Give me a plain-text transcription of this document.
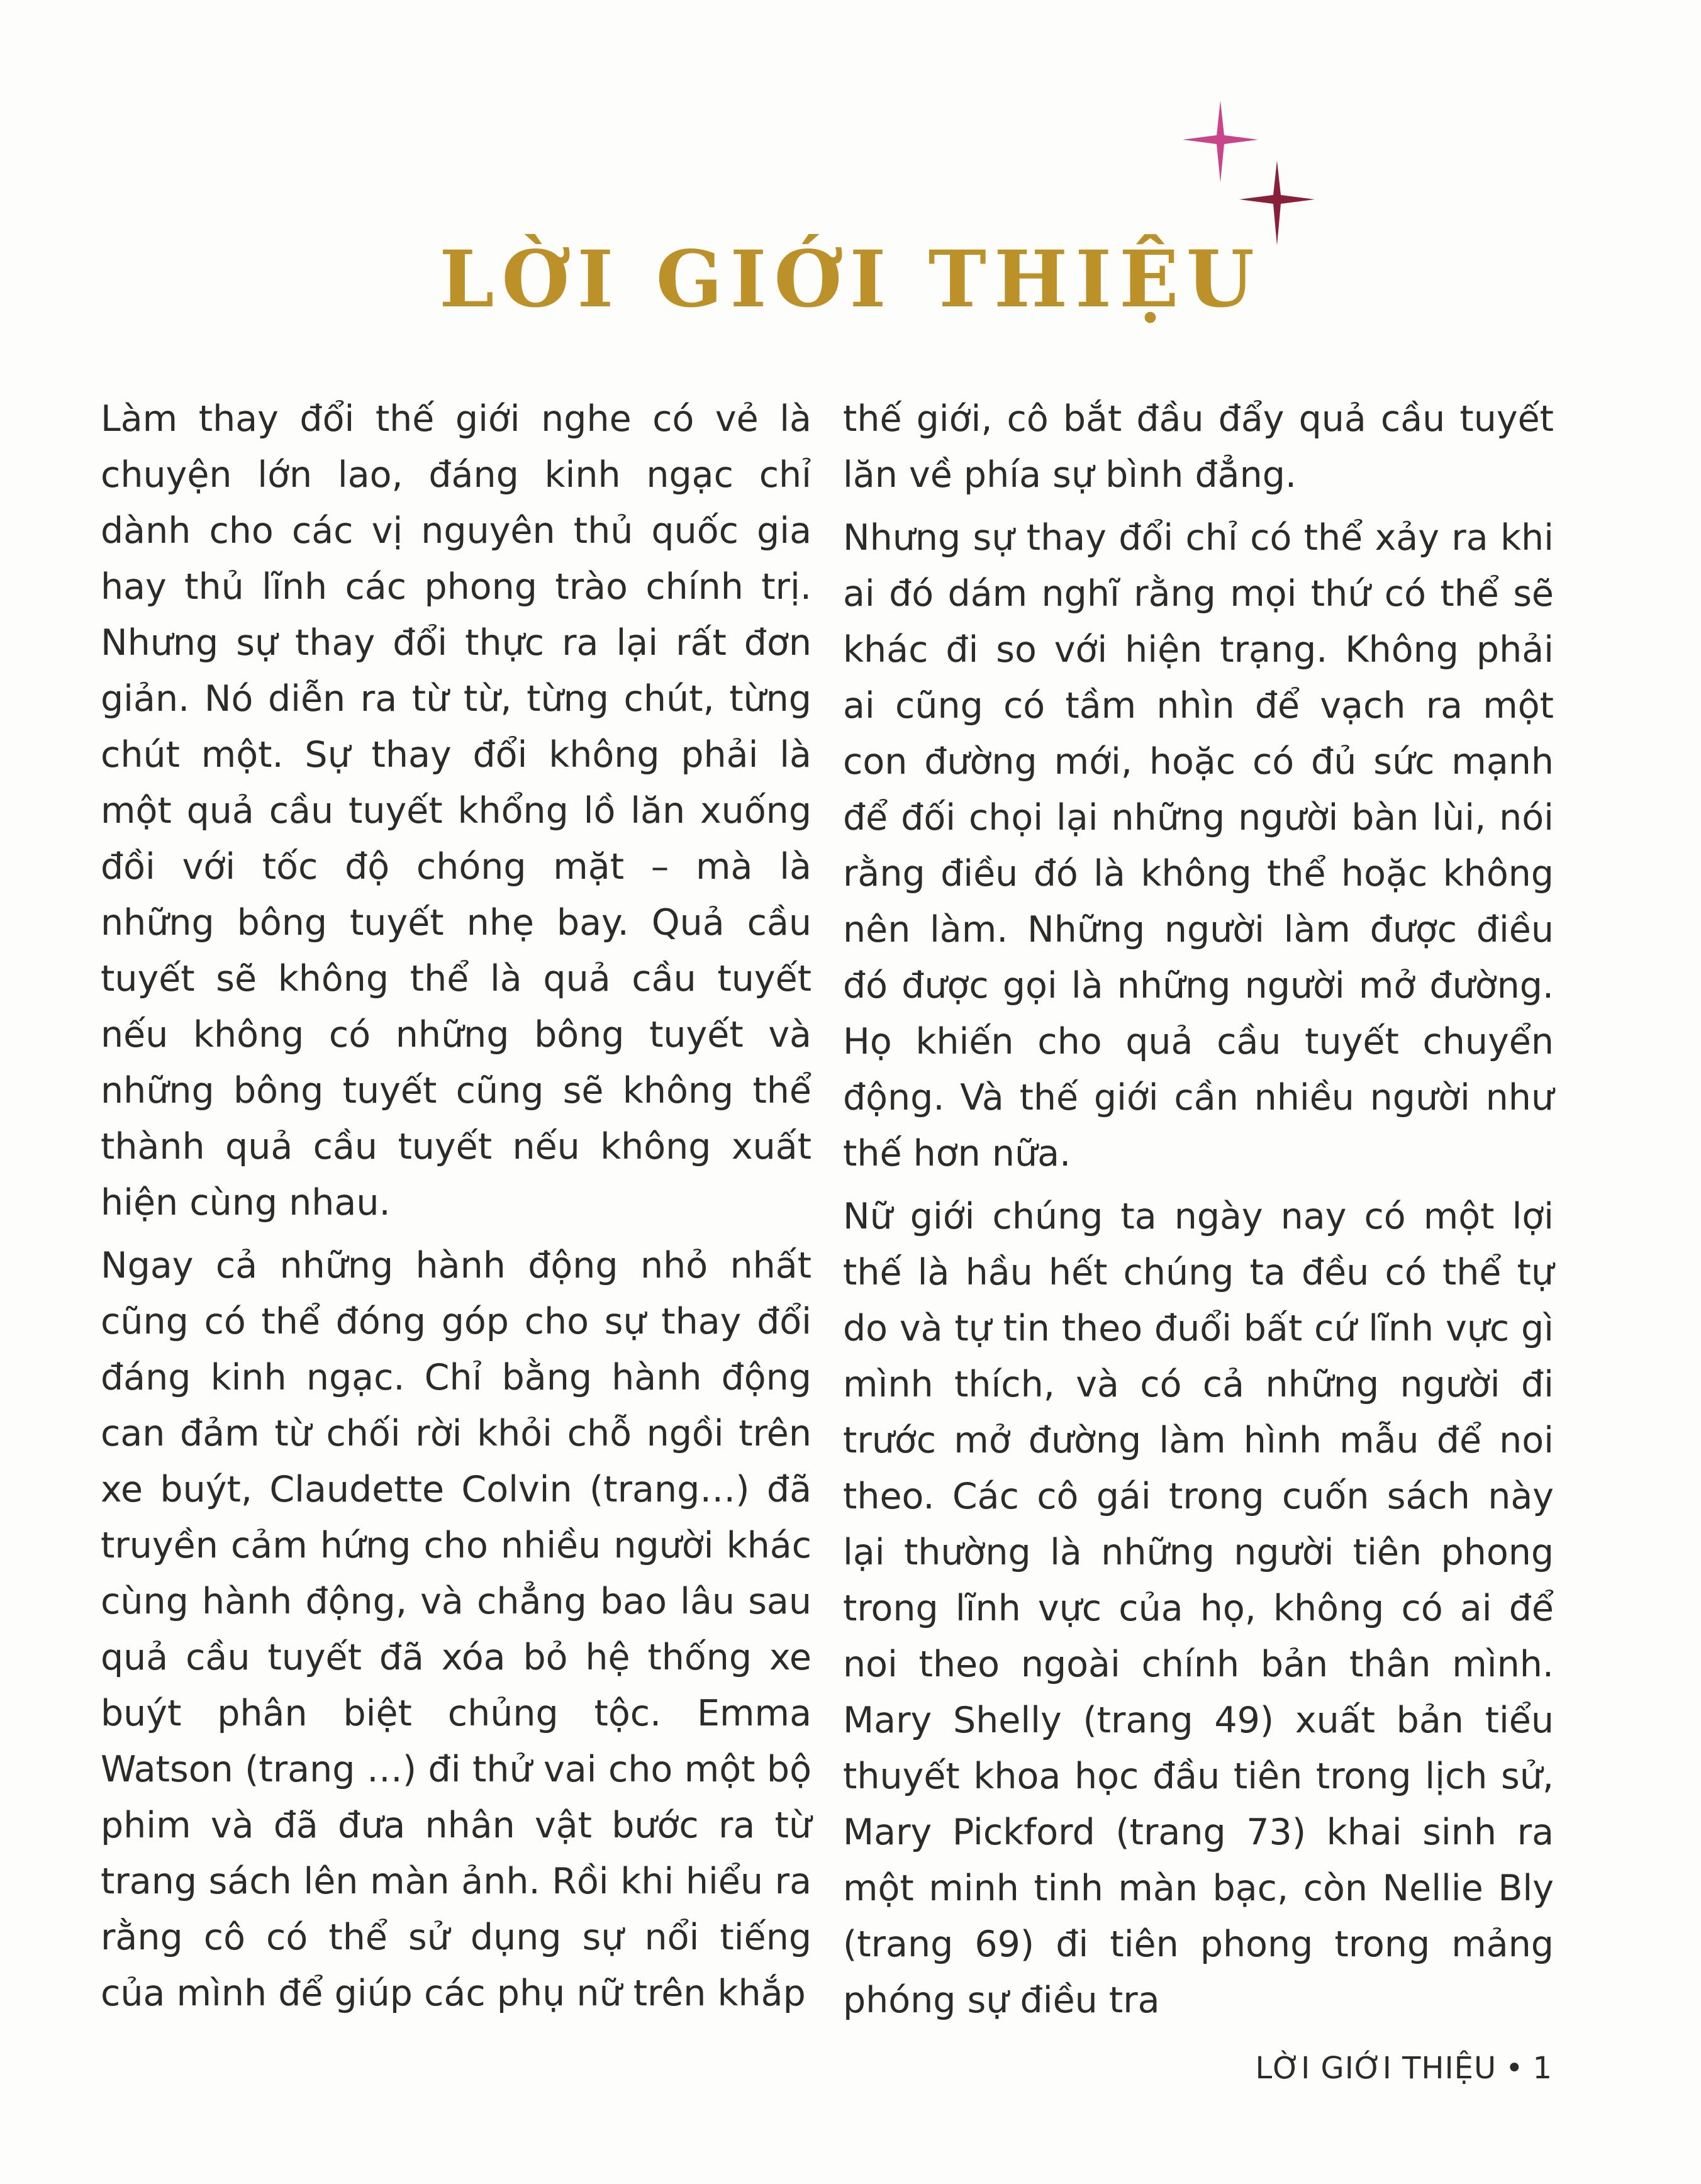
LỜI GIỚI THIỆU

Làm thay đổi thế giới nghe có vẻ là chuyện lớn lao, đáng kinh ngạc chỉ dành cho các vị nguyên thủ quốc gia hay thủ lĩnh các phong trào chính trị. Nhưng sự thay đổi thực ra lại rất đơn giản. Nó diễn ra từ từ, từng chút, từng chút một. Sự thay đổi không phải là một quả cầu tuyết khổng lồ lăn xuống đồi với tốc độ chóng mặt – mà là những bông tuyết nhẹ bay. Quả cầu tuyết sẽ không thể là quả cầu tuyết nếu không có những bông tuyết và những bông tuyết cũng sẽ không thể thành quả cầu tuyết nếu không xuất hiện cùng nhau.

Ngay cả những hành động nhỏ nhất cũng có thể đóng góp cho sự thay đổi đáng kinh ngạc. Chỉ bằng hành động can đảm từ chối rời khỏi chỗ ngồi trên xe buýt, Claudette Colvin (trang…) đã truyền cảm hứng cho nhiều người khác cùng hành động, và chẳng bao lâu sau quả cầu tuyết đã xóa bỏ hệ thống xe buýt phân biệt chủng tộc. Emma Watson (trang …) đi thử vai cho một bộ phim và đã đưa nhân vật bước ra từ trang sách lên màn ảnh. Rồi khi hiểu ra rằng cô có thể sử dụng sự nổi tiếng của mình để giúp các phụ nữ trên khắp

thế giới, cô bắt đầu đẩy quả cầu tuyết lăn về phía sự bình đẳng.

Nhưng sự thay đổi chỉ có thể xảy ra khi ai đó dám nghĩ rằng mọi thứ có thể sẽ khác đi so với hiện trạng. Không phải ai cũng có tầm nhìn để vạch ra một con đường mới, hoặc có đủ sức mạnh để đối chọi lại những người bàn lùi, nói rằng điều đó là không thể hoặc không nên làm. Những người làm được điều đó được gọi là những người mở đường. Họ khiến cho quả cầu tuyết chuyển động. Và thế giới cần nhiều người như thế hơn nữa.

Nữ giới chúng ta ngày nay có một lợi thế là hầu hết chúng ta đều có thể tự do và tự tin theo đuổi bất cứ lĩnh vực gì mình thích, và có cả những người đi trước mở đường làm hình mẫu để noi theo. Các cô gái trong cuốn sách này lại thường là những người tiên phong trong lĩnh vực của họ, không có ai để noi theo ngoài chính bản thân mình. Mary Shelly (trang 49) xuất bản tiểu thuyết khoa học đầu tiên trong lịch sử, Mary Pickford (trang 73) khai sinh ra một minh tinh màn bạc, còn Nellie Bly (trang 69) đi tiên phong trong mảng phóng sự điều tra

LỜI GIỚI THIỆU • 1
